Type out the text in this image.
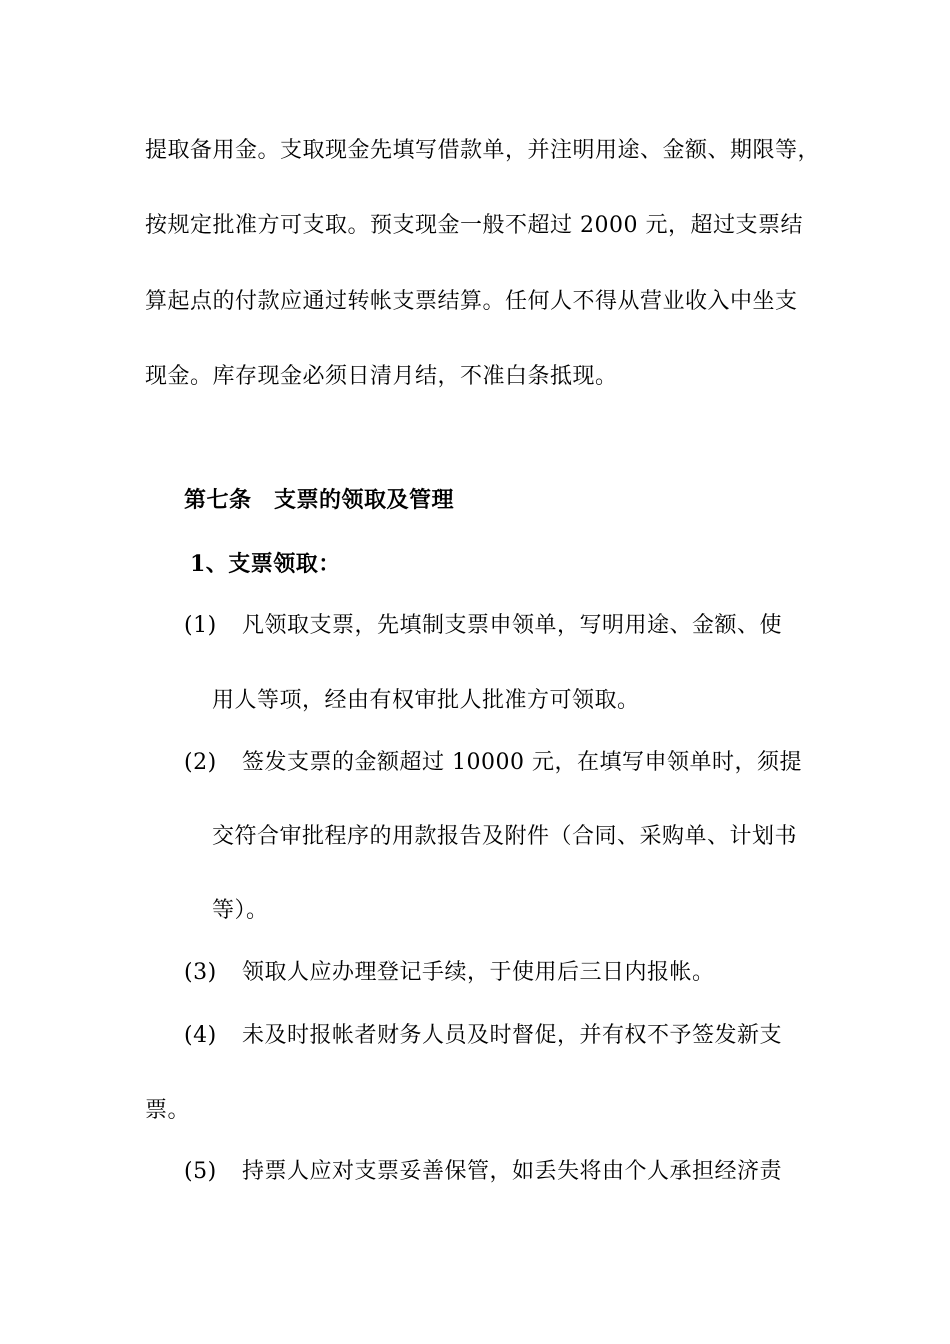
提取备用金。支取现金先填写借款单，并注明用途、金额、期限等，
按规定批准方可支取。预支现金一般不超过 2000 元，超过支票结
算起点的付款应通过转帐支票结算。任何人不得从营业收入中坐支
现金。库存现金必须日清月结，不准白条抵现。
第七条　支票的领取及管理
1、支票领取：
(1) 凡领取支票，先填制支票申领单，写明用途、金额、使
用人等项，经由有权审批人批准方可领取。
(2) 签发支票的金额超过 10000 元，在填写申领单时，须提
交符合审批程序的用款报告及附件（合同、采购单、计划书
等）。
(3) 领取人应办理登记手续，于使用后三日内报帐。
(4) 未及时报帐者财务人员及时督促，并有权不予签发新支
票。
(5) 持票人应对支票妥善保管，如丢失将由个人承担经济责
